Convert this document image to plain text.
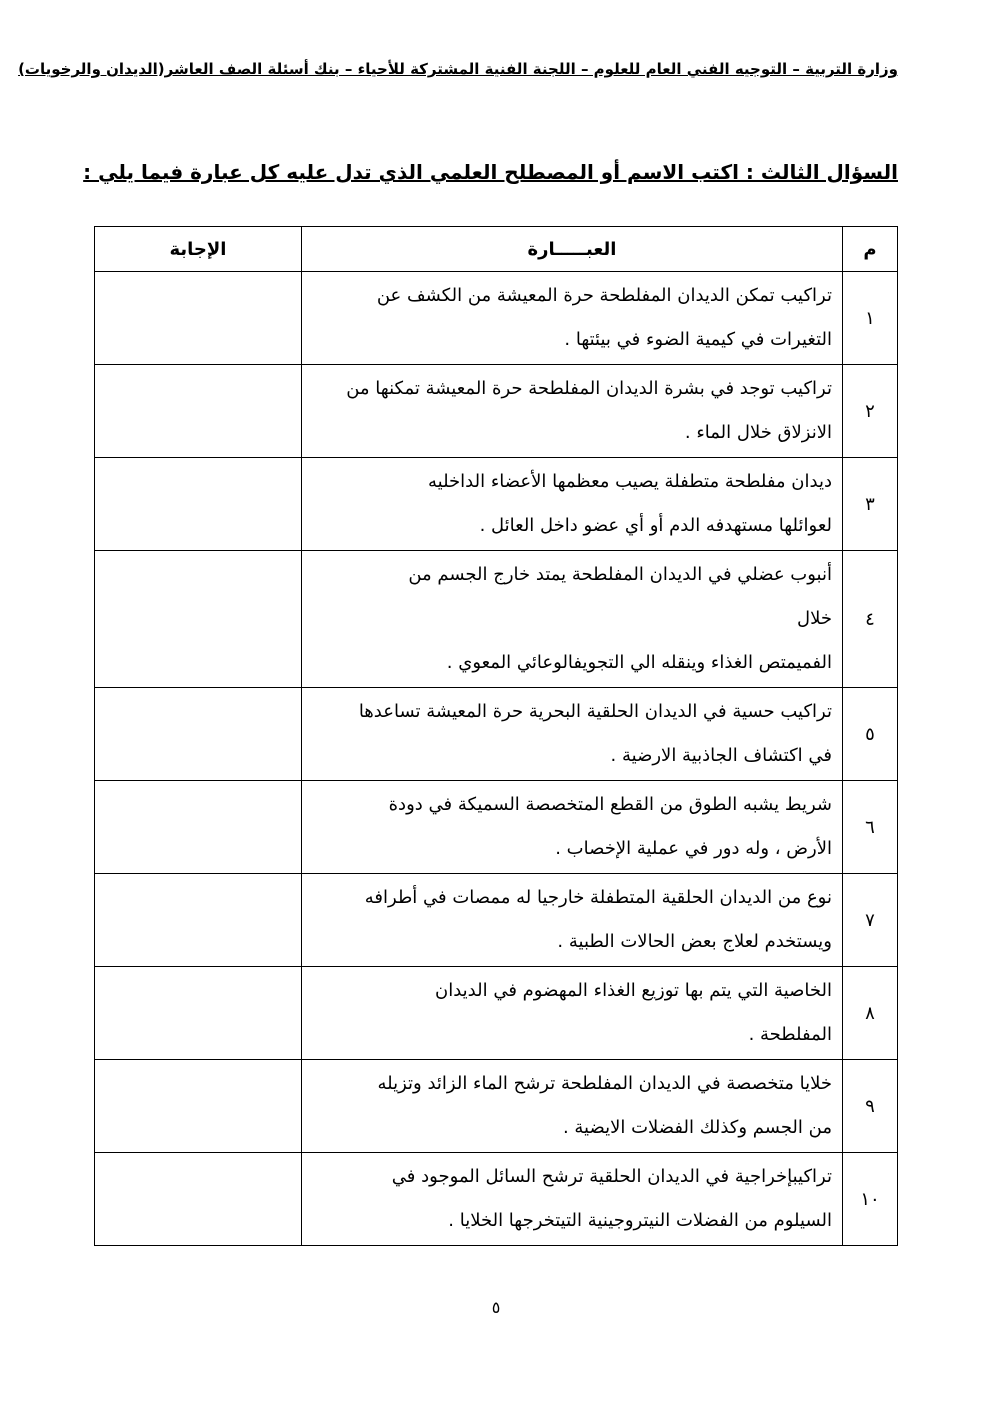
وزارة التربية – التوجيه الفني العام للعلوم – اللجنة الفنية المشتركة للأحياء – بنك أسئلة الصف العاشر(الديدان والرخويات)
السؤال الثالث : اكتب الاسم أو المصطلح العلمي الذي تدل عليه كل عبارة فيما يلي :
م	العبـــــارة	الإجابة
١	تراكيب تمكن الديدان المفلطحة حرة المعيشة من الكشف عن
التغيرات في كيمية الضوء في بيئتها .	

٢	تراكيب توجد في بشرة الديدان المفلطحة حرة المعيشة تمكنها من
الانزلاق خلال الماء .	

٣	ديدان مفلطحة متطفلة يصيب معظمها الأعضاء الداخليه
لعوائلها مستهدفه الدم أو أي عضو داخل العائل .	

٤	أنبوب عضلي في الديدان المفلطحة يمتد خارج الجسم من
خلال
الفميمتص الغذاء وينقله الي التجويفالوعائي المعوي .	

٥	تراكيب حسية في الديدان الحلقية البحرية حرة المعيشة تساعدها
في اكتشاف الجاذبية الارضية .	

٦	شريط يشبه الطوق من القطع المتخصصة السميكة في دودة
الأرض ، وله دور في عملية الإخصاب .	

٧	نوع من الديدان الحلقية المتطفلة خارجيا له ممصات في أطرافه
ويستخدم لعلاج بعض الحالات الطبية .	

٨	الخاصية التي يتم بها توزيع الغذاء المهضوم في الديدان
المفلطحة .	

٩	خلايا متخصصة في الديدان المفلطحة ترشح الماء الزائد وتزيله
من الجسم وكذلك الفضلات الايضية .	

١٠	تراكيبإخراجية في الديدان الحلقية ترشح السائل الموجود في
السيلوم من الفضلات النيتروجينية التيتخرجها الخلايا .	

٥
